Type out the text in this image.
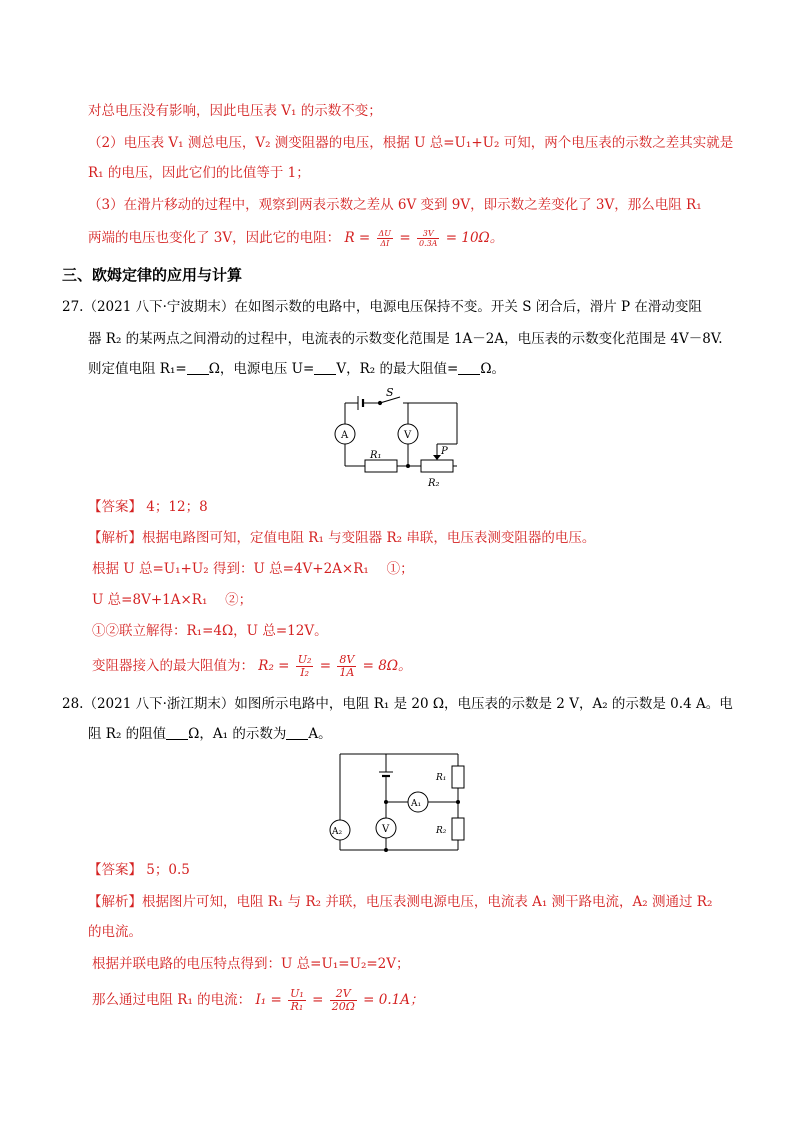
对总电压没有影响，因此电压表 V₁ 的示数不变；
（2）电压表 V₁ 测总电压，V₂ 测变阻器的电压，根据 U 总=U₁+U₂ 可知，两个电压表的示数之差其实就是
R₁ 的电压，因此它们的比值等于 1；
（3）在滑片移动的过程中，观察到两表示数之差从 6V 变到 9V，即示数之差变化了 3V，那么电阻 R₁
两端的电压也变化了 3V，因此它的电阻： $R = \frac{\Delta U}{\Delta I} = \frac{3V}{0.3A} = 10\Omega$。
三、欧姆定律的应用与计算
27.（2021 八下·宁波期末）在如图示数的电路中，电源电压保持不变。开关 S 闭合后，滑片 P 在滑动变阻
器 R₂ 的某两点之间滑动的过程中，电流表的示数变化范围是 1A－2A，电压表的示数变化范围是 4V－8V.
则定值电阻 R₁= Ω，电源电压 U= V，R₂ 的最大阻值= Ω。
S
A	V
R₁	P
R₂
【答案】 4；12；8
【解析】根据电路图可知，定值电阻 R₁ 与变阻器 R₂ 串联，电压表测变阻器的电压。
根据 U 总=U₁+U₂ 得到：U 总=4V+2A×R₁　 ①；
U 总=8V+1A×R₁　 ②；
①②联立解得：R₁=4Ω，U 总=12V。
变阻器接入的最大阻值为： $R_2 = \frac{\text{U₂}}{\text{I₂}} = \frac{8V}{1A} = 8\Omega$。
28.（2021 八下·浙江期末）如图所示电路中，电阻 R₁ 是 20 Ω，电压表的示数是 2 V，A₂ 的示数是 0.4 A。电
阻 R₂ 的阻值 Ω，A₁ 的示数为 A。
A₂
A₁
V
R₁
R₂
【答案】 5；0.5
【解析】根据图片可知，电阻 R₁ 与 R₂ 并联，电压表测电源电压，电流表 A₁ 测干路电流，A₂ 测通过 R₂
的电流。
根据并联电路的电压特点得到：U 总=U₁=U₂=2V；
那么通过电阻 R₁ 的电流： $I_1 = \frac{\text{U₁}}{\text{R₁}} = \frac{2V}{20\Omega} = 0.1A$；
